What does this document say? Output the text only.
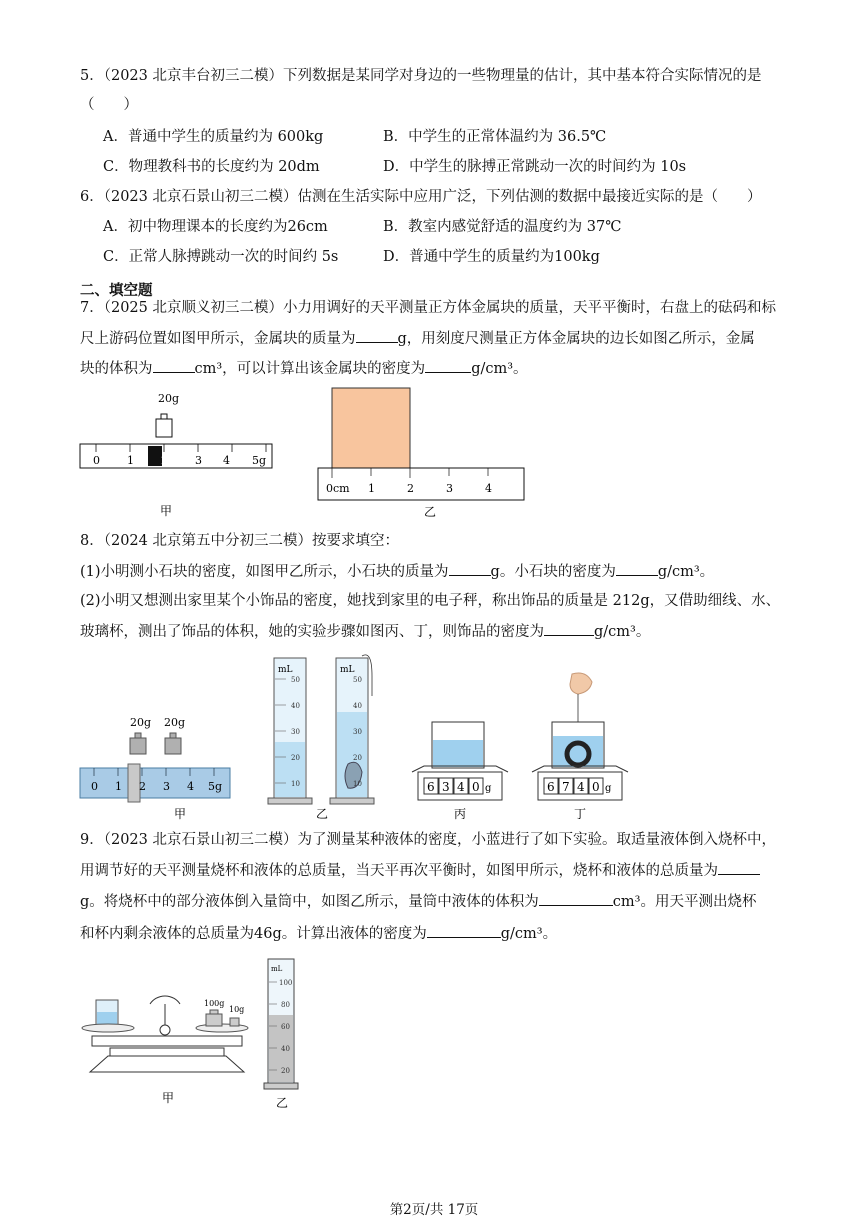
5．（2023 北京丰台初三二模）下列数据是某同学对身边的一些物理量的估计，其中基本符合实际情况的是
（　　）
A．普通中学生的质量约为 600kg	B．中学生的正常体温约为 36.5℃
C．物理教科书的长度约为 20dm	D．中学生的脉搏正常跳动一次的时间约为 10s
6．（2023 北京石景山初三二模）估测在生活实际中应用广泛，下列估测的数据中最接近实际的是（　　）
A．初中物理课本的长度约为26cm	B．教室内感觉舒适的温度约为 37℃
C．正常人脉搏跳动一次的时间约 5s	D．普通中学生的质量约为100kg
二、填空题
7．（2025 北京顺义初三二模）小力用调好的天平测量正方体金属块的质量，天平平衡时，右盘上的砝码和标
尺上游码位置如图甲所示，金属块的质量为	g，用刻度尺测量正方体金属块的边长如图乙所示，金属
块的体积为	cm³，可以计算出该金属块的密度为	g/cm³。
20g
0 1 2 3 4 5g
甲
0cm 1	2	3	4
乙
8．（2024 北京第五中分初三二模）按要求填空：
(1)小明测小石块的密度，如图甲乙所示，小石块的质量为	g。小石块的密度为	g/cm³。
(2)小明又想测出家里某个小饰品的密度，她找到家里的电子秤，称出饰品的质量是 212g，又借助细线、水、
玻璃杯，测出了饰品的体积，她的实验步骤如图丙、丁，则饰品的密度为	g/cm³。
20g 20g
0 1 2 3 4 5g
甲
mL
50
40
30
20
10
mL
50
40
30
20
10
乙
6 3 4 0 g
丙
6 7 4 0 g
丁
9．（2023 北京石景山初三二模）为了测量某种液体的密度，小蓝进行了如下实验。取适量液体倒入烧杯中，
用调节好的天平测量烧杯和液体的总质量，当天平再次平衡时，如图甲所示，烧杯和液体的总质量为
g。将烧杯中的部分液体倒入量筒中，如图乙所示，量筒中液体的体积为	cm³。用天平测出烧杯
和杯内剩余液体的总质量为46g。计算出液体的密度为	g/cm³。
100g
10g
甲
mL
100
80
60
40
20
乙
第2页/共 17页
